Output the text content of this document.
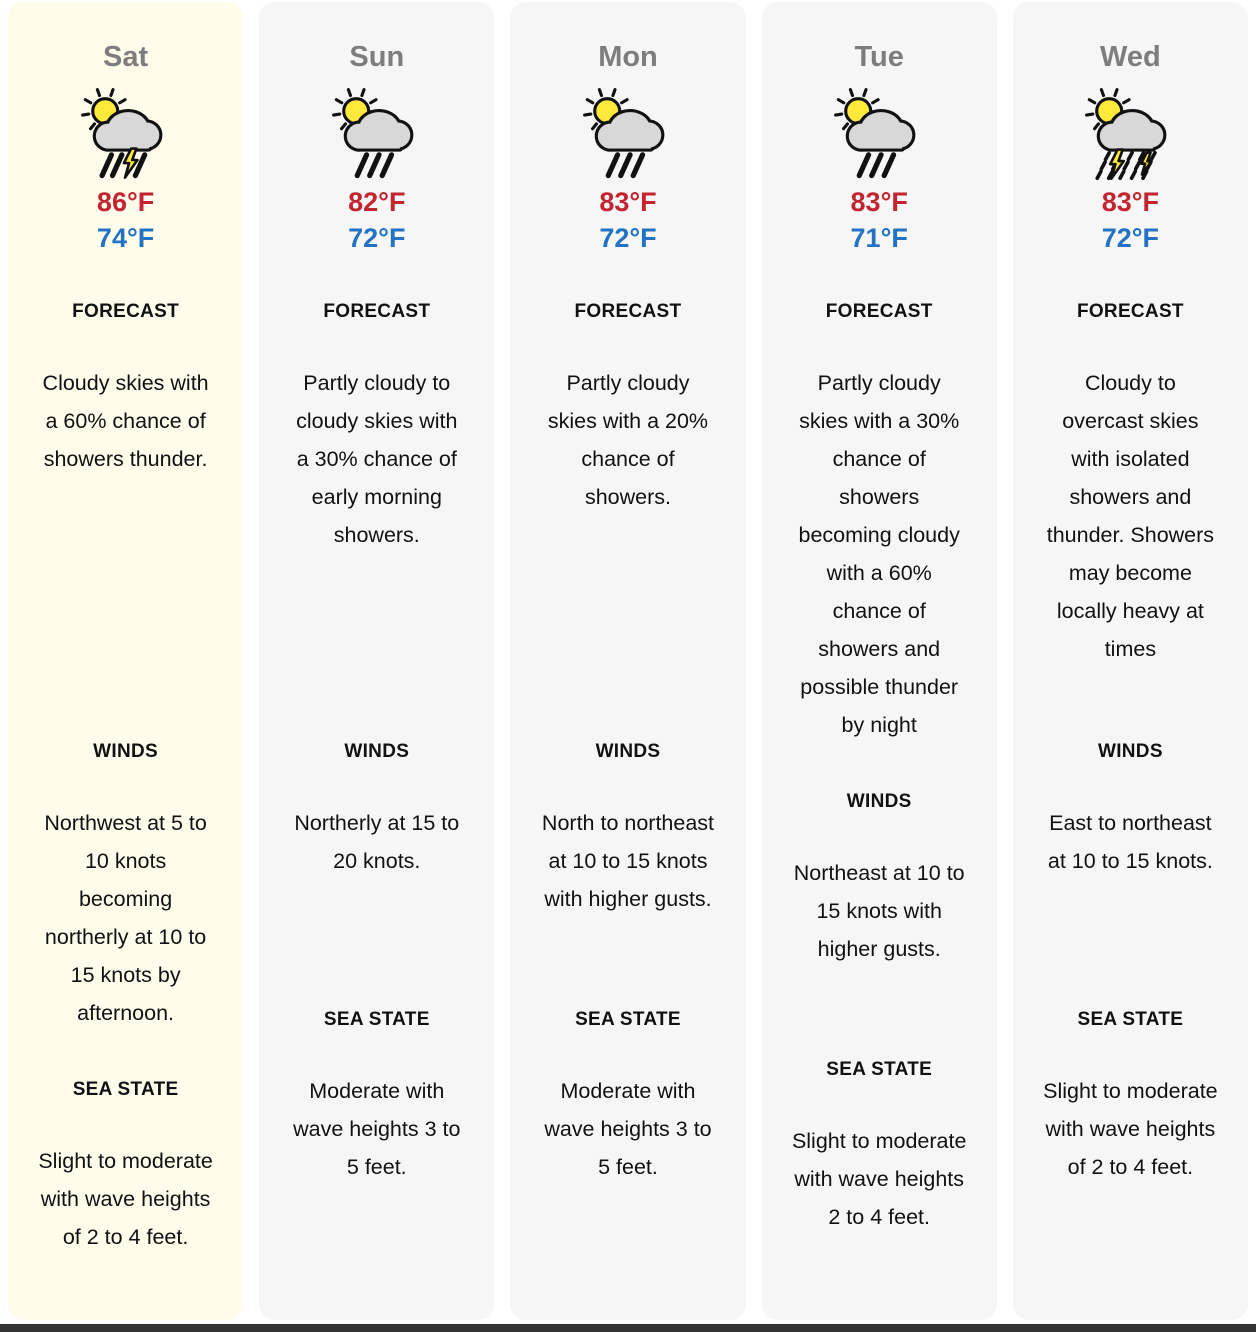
Sat
86°F
74°F
FORECAST
Cloudy skies with a 60% chance of showers thunder.
WINDS
Northwest at 5 to 10 knots becoming northerly at 10 to 15 knots by afternoon.
SEA STATE
Slight to moderate with wave heights of 2 to 4 feet.
Sun
82°F
72°F
FORECAST
Partly cloudy to cloudy skies with a 30% chance of early morning showers.
WINDS
Northerly at 15 to 20 knots.
SEA STATE
Moderate with wave heights 3 to 5 feet.
Mon
83°F
72°F
FORECAST
Partly cloudy skies with a 20% chance of showers.
WINDS
North to northeast at 10 to 15 knots with higher gusts.
SEA STATE
Moderate with wave heights 3 to 5 feet.
Tue
83°F
71°F
FORECAST
Partly cloudy skies with a 30% chance of showers becoming cloudy with a 60% chance of showers and possible thunder by night
WINDS
Northeast at 10 to 15 knots with higher gusts.
SEA STATE
Slight to moderate with wave heights 2 to 4 feet.
Wed
83°F
72°F
FORECAST
Cloudy to overcast skies with isolated showers and thunder. Showers may become locally heavy at times
WINDS
East to northeast at 10 to 15 knots.
SEA STATE
Slight to moderate with wave heights of 2 to 4 feet.
